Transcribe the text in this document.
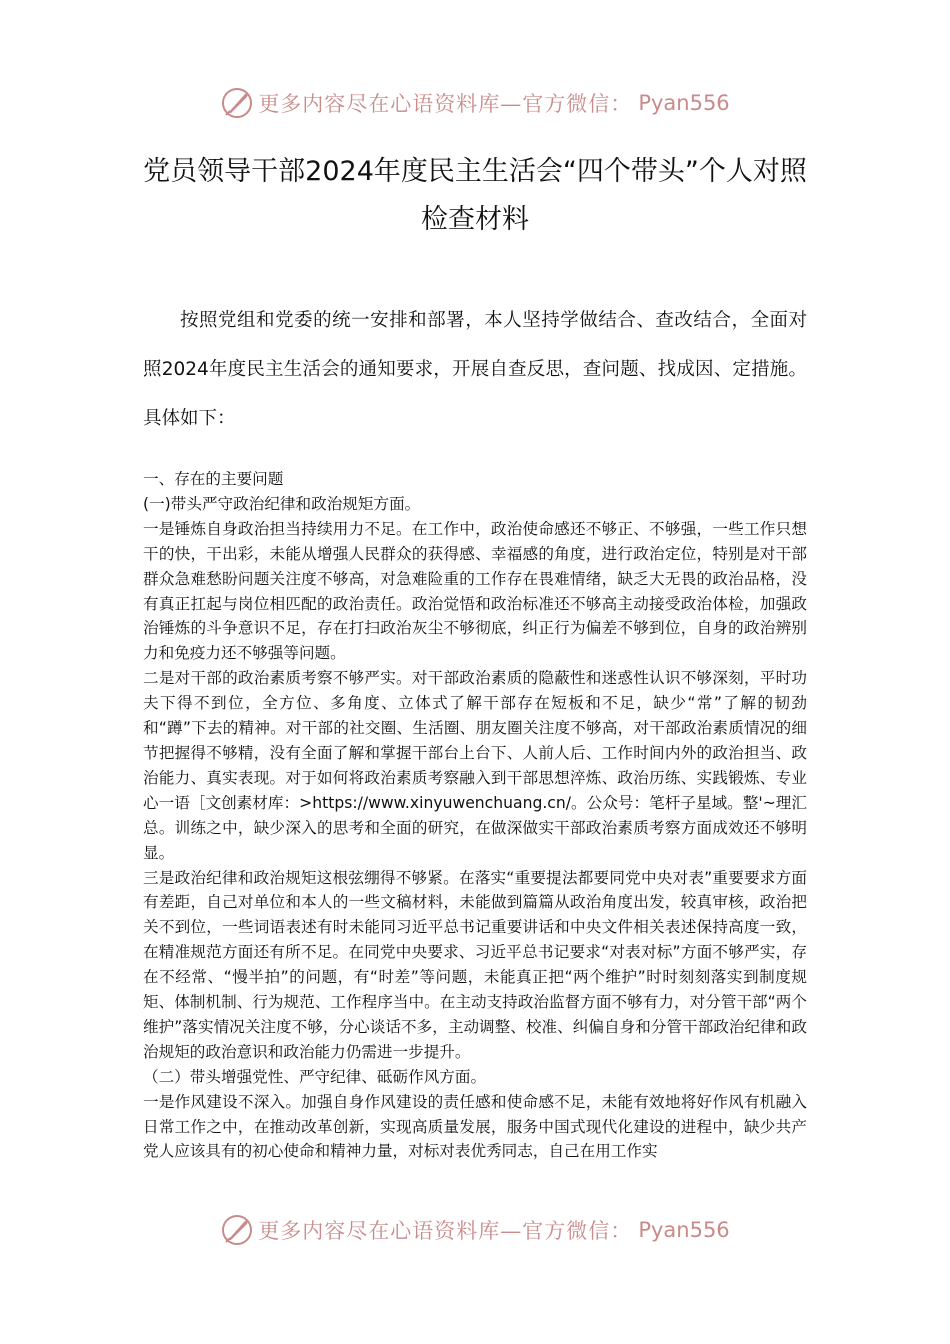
更多内容尽在心语资料库—官方微信： Pyan556
党员领导干部2024年度民主生活会“四个带头”个人对照检查材料

按照党组和党委的统一安排和部署，本人坚持学做结合、查改结合，全面对照2024年度民主生活会的通知要求，开展自查反思，查问题、找成因、定措施。具体如下：

一、存在的主要问题

(一)带头严守政治纪律和政治规矩方面。

一是锤炼自身政治担当持续用力不足。在工作中，政治使命感还不够正、不够强，一些工作只想干的快，干出彩，未能从增强人民群众的获得感、幸福感的角度，进行政治定位，特别是对干部群众急难愁盼问题关注度不够高，对急难险重的工作存在畏难情绪，缺乏大无畏的政治品格，没有真正扛起与岗位相匹配的政治责任。政治觉悟和政治标准还不够高主动接受政治体检，加强政治锤炼的斗争意识不足，存在打扫政治灰尘不够彻底，纠正行为偏差不够到位，自身的政治辨别力和免疫力还不够强等问题。

二是对干部的政治素质考察不够严实。对干部政治素质的隐蔽性和迷惑性认识不够深刻，平时功夫下得不到位，全方位、多角度、立体式了解干部存在短板和不足，缺少“常”了解的韧劲和“蹲”下去的精神。对干部的社交圈、生活圈、朋友圈关注度不够高，对干部政治素质情况的细节把握得不够精，没有全面了解和掌握干部台上台下、人前人后、工作时间内外的政治担当、政治能力、真实表现。对于如何将政治素质考察融入到干部思想淬炼、政治历练、实践锻炼、专业心一语［文创素材库：>https://www.xinyuwenchuang.cn/。公众号：笔杆子星域。整'~理汇总。训练之中，缺少深入的思考和全面的研究，在做深做实干部政治素质考察方面成效还不够明显。

三是政治纪律和政治规矩这根弦绷得不够紧。在落实“重要提法都要同党中央对表”重要要求方面有差距，自己对单位和本人的一些文稿材料，未能做到篇篇从政治角度出发，较真审核，政治把关不到位，一些词语表述有时未能同习近平总书记重要讲话和中央文件相关表述保持高度一致，在精准规范方面还有所不足。在同党中央要求、习近平总书记要求“对表对标”方面不够严实，存在不经常、“慢半拍”的问题，有“时差”等问题，未能真正把“两个维护”时时刻刻落实到制度规矩、体制机制、行为规范、工作程序当中。在主动支持政治监督方面不够有力，对分管干部“两个维护”落实情况关注度不够，分心谈话不多，主动调整、校准、纠偏自身和分管干部政治纪律和政治规矩的政治意识和政治能力仍需进一步提升。

（二）带头增强党性、严守纪律、砥砺作风方面。

一是作风建设不深入。加强自身作风建设的责任感和使命感不足，未能有效地将好作风有机融入日常工作之中，在推动改革创新，实现高质量发展，服务中国式现代化建设的进程中，缺少共产党人应该具有的初心使命和精神力量，对标对表优秀同志，自己在用工作实

更多内容尽在心语资料库—官方微信： Pyan556
